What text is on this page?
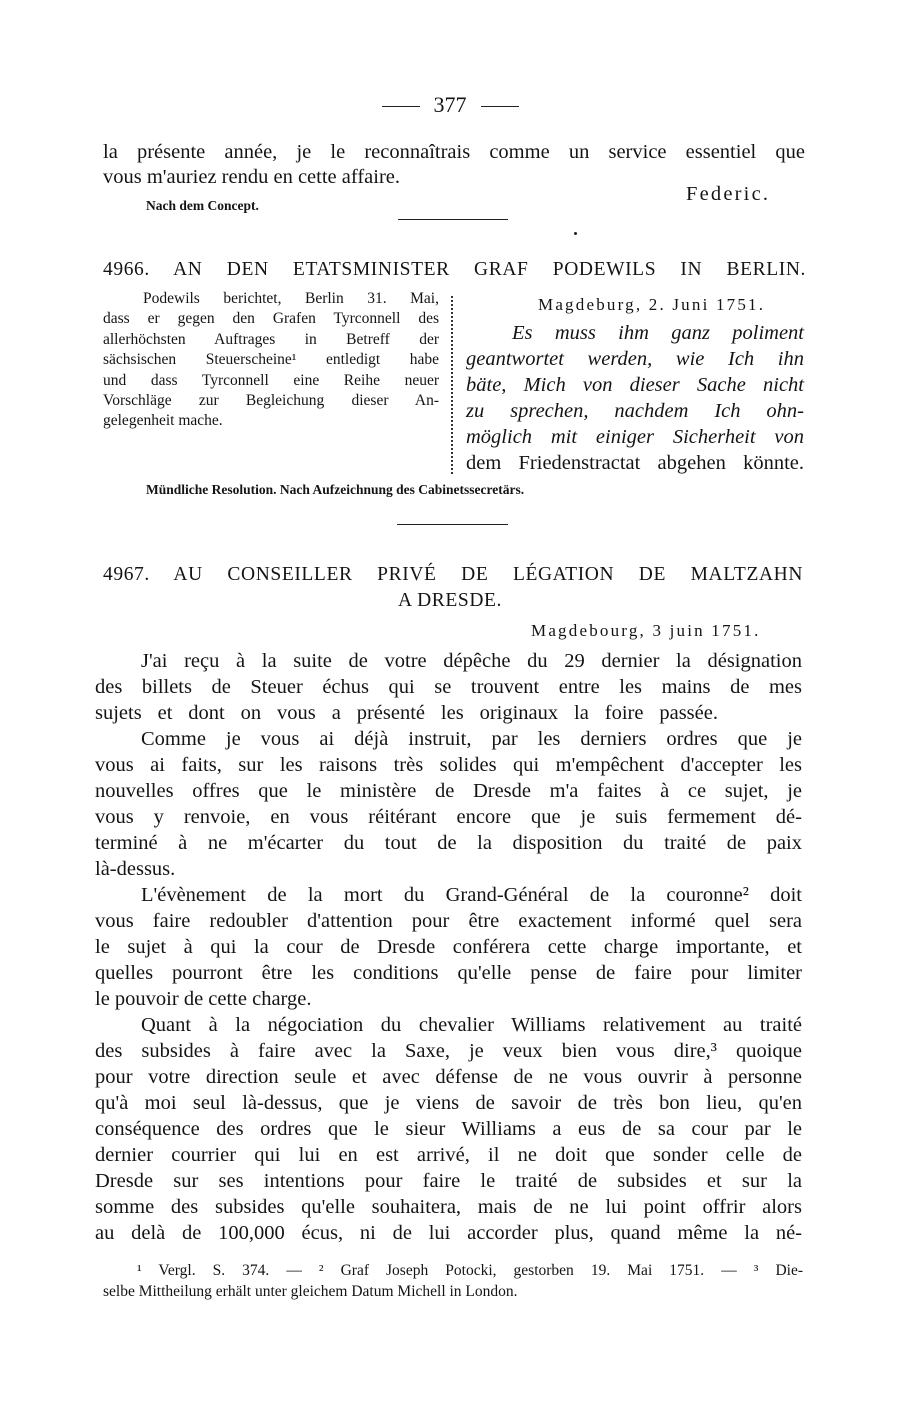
377
la présente année, je le reconnaîtrais comme un service essentiel que
vous m'auriez rendu en cette affaire.
Federic.
Nach dem Concept.
4966. AN DEN ETATSMINISTER GRAF PODEWILS IN BERLIN.
Podewils berichtet, Berlin 31. Mai,
dass er gegen den Grafen Tyrconnell des
allerhöchsten Auftrages in Betreff der
sächsischen Steuerscheine¹ entledigt habe
und dass Tyrconnell eine Reihe neuer
Vorschläge zur Begleichung dieser An-
gelegenheit mache.
Magdeburg, 2. Juni 1751.
Es muss ihm ganz poliment
geantwortet werden, wie Ich ihn
bäte, Mich von dieser Sache nicht
zu sprechen, nachdem Ich ohn-
möglich mit einiger Sicherheit von
dem Friedenstractat abgehen könnte.
Mündliche Resolution. Nach Aufzeichnung des Cabinetssecretärs.
4967. AU CONSEILLER PRIVÉ DE LÉGATION DE MALTZAHN
A DRESDE.
Magdebourg, 3 juin 1751.
J'ai reçu à la suite de votre dépêche du 29 dernier la désignation
des billets de Steuer échus qui se trouvent entre les mains de mes
sujets et dont on vous a présenté les originaux la foire passée.
Comme je vous ai déjà instruit, par les derniers ordres que je
vous ai faits, sur les raisons très solides qui m'empêchent d'accepter les
nouvelles offres que le ministère de Dresde m'a faites à ce sujet, je
vous y renvoie, en vous réitérant encore que je suis fermement dé-
terminé à ne m'écarter du tout de la disposition du traité de paix
là-dessus.
L'évènement de la mort du Grand-Général de la couronne² doit
vous faire redoubler d'attention pour être exactement informé quel sera
le sujet à qui la cour de Dresde conférera cette charge importante, et
quelles pourront être les conditions qu'elle pense de faire pour limiter
le pouvoir de cette charge.
Quant à la négociation du chevalier Williams relativement au traité
des subsides à faire avec la Saxe, je veux bien vous dire,³ quoique
pour votre direction seule et avec défense de ne vous ouvrir à personne
qu'à moi seul là-dessus, que je viens de savoir de très bon lieu, qu'en
conséquence des ordres que le sieur Williams a eus de sa cour par le
dernier courrier qui lui en est arrivé, il ne doit que sonder celle de
Dresde sur ses intentions pour faire le traité de subsides et sur la
somme des subsides qu'elle souhaitera, mais de ne lui point offrir alors
au delà de 100,000 écus, ni de lui accorder plus, quand même la né-
¹ Vergl. S. 374. — ² Graf Joseph Potocki, gestorben 19. Mai 1751. — ³ Die-
selbe Mittheilung erhält unter gleichem Datum Michell in London.
